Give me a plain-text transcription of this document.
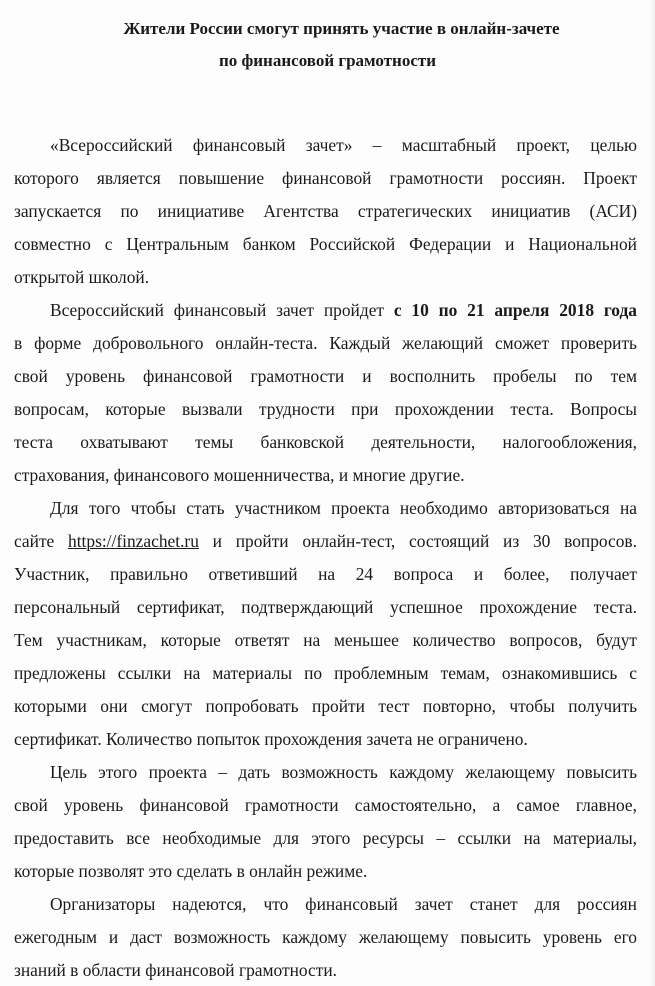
Жители России смогут принять участие в онлайн-зачете
по финансовой грамотности
«Всероссийский финансовый зачет» – масштабный проект, целью
которого является повышение финансовой грамотности россиян. Проект
запускается по инициативе Агентства стратегических инициатив (АСИ)
совместно с Центральным банком Российской Федерации и Национальной
открытой школой.
Всероссийский финансовый зачет пройдет с 10 по 21 апреля 2018 года
в форме добровольного онлайн-теста. Каждый желающий сможет проверить
свой уровень финансовой грамотности и восполнить пробелы по тем
вопросам, которые вызвали трудности при прохождении теста. Вопросы
теста охватывают темы банковской деятельности, налогообложения,
страхования, финансового мошенничества, и многие другие.
Для того чтобы стать участником проекта необходимо авторизоваться на
сайте https://finzachet.ru и пройти онлайн-тест, состоящий из 30 вопросов.
Участник, правильно ответивший на 24 вопроса и более, получает
персональный сертификат, подтверждающий успешное прохождение теста.
Тем участникам, которые ответят на меньшее количество вопросов, будут
предложены ссылки на материалы по проблемным темам, ознакомившись с
которыми они смогут попробовать пройти тест повторно, чтобы получить
сертификат. Количество попыток прохождения зачета не ограничено.
Цель этого проекта – дать возможность каждому желающему повысить
свой уровень финансовой грамотности самостоятельно, а самое главное,
предоставить все необходимые для этого ресурсы – ссылки на материалы,
которые позволят это сделать в онлайн режиме.
Организаторы надеются, что финансовый зачет станет для россиян
ежегодным и даст возможность каждому желающему повысить уровень его
знаний в области финансовой грамотности.
